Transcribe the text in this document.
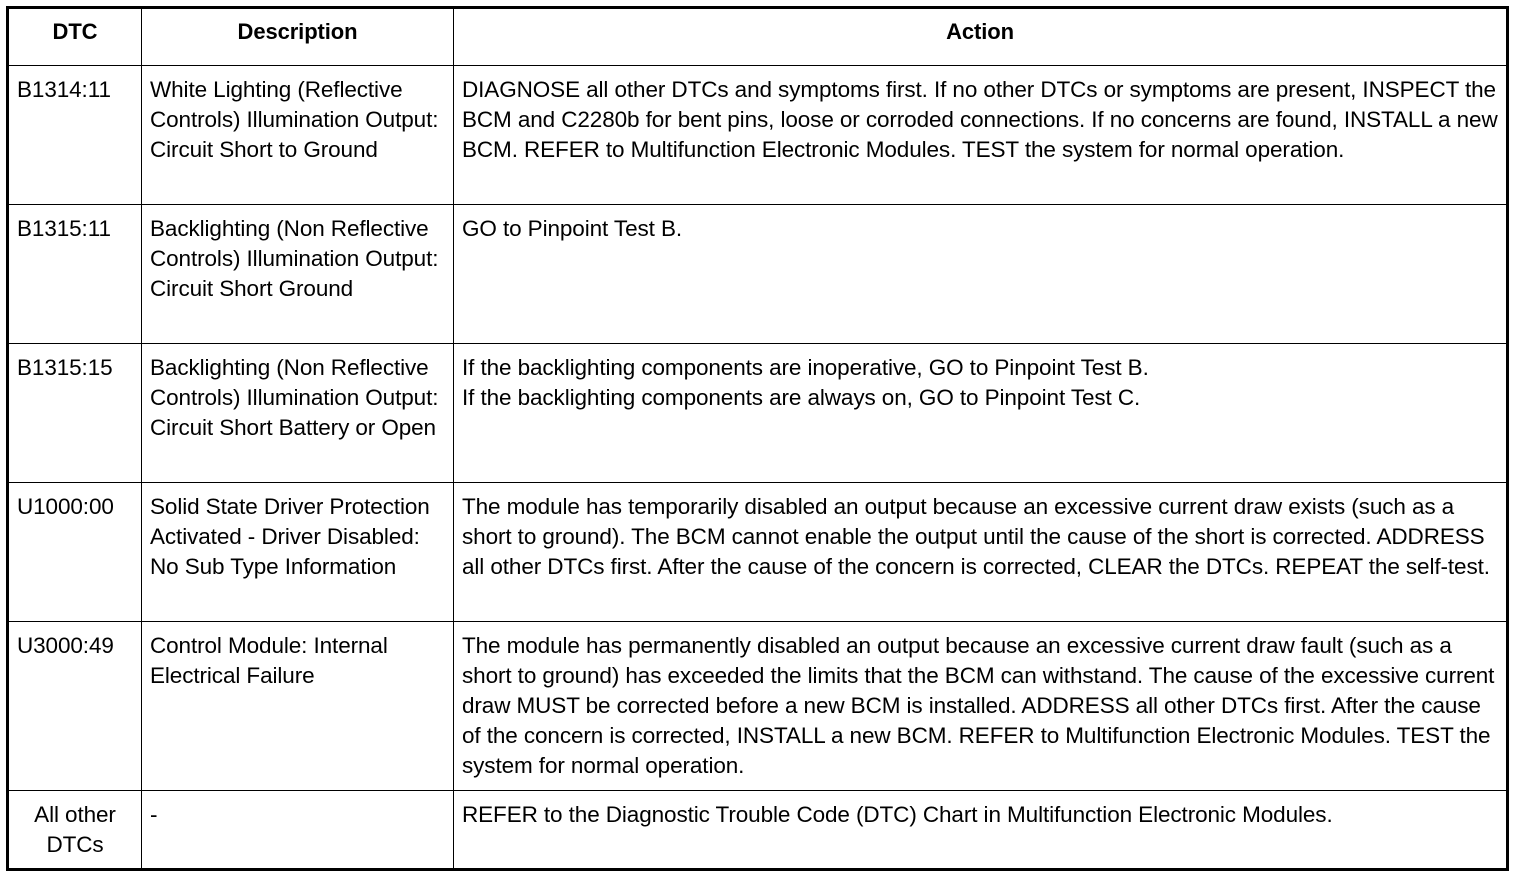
DTC	Description	Action
B1314:11	White Lighting (Reflective Controls) Illumination Output: Circuit Short to Ground	DIAGNOSE all other DTCs and symptoms first. If no other DTCs or symptoms are present, INSPECT the BCM and C2280b for bent pins, loose or corroded connections. If no concerns are found, INSTALL a new BCM. REFER to Multifunction Electronic Modules. TEST the system for normal operation.
B1315:11	Backlighting (Non Reflective Controls) Illumination Output: Circuit Short Ground	GO to Pinpoint Test B.
B1315:15	Backlighting (Non Reflective Controls) Illumination Output: Circuit Short Battery or Open	If the backlighting components are inoperative, GO to Pinpoint Test B.
If the backlighting components are always on, GO to Pinpoint Test C.

U1000:00	Solid State Driver Protection Activated - Driver Disabled: No Sub Type Information	The module has temporarily disabled an output because an excessive current draw exists (such as a short to ground). The BCM cannot enable the output until the cause of the short is corrected. ADDRESS all other DTCs first. After the cause of the concern is corrected, CLEAR the DTCs. REPEAT the self-test.
U3000:49	Control Module: Internal Electrical Failure	The module has permanently disabled an output because an excessive current draw fault (such as a short to ground) has exceeded the limits that the BCM can withstand. The cause of the excessive current draw MUST be corrected before a new BCM is installed. ADDRESS all other DTCs first. After the cause of the concern is corrected, INSTALL a new BCM. REFER to Multifunction Electronic Modules. TEST the system for normal operation.
All other DTCs	-	REFER to the Diagnostic Trouble Code (DTC) Chart in Multifunction Electronic Modules.
